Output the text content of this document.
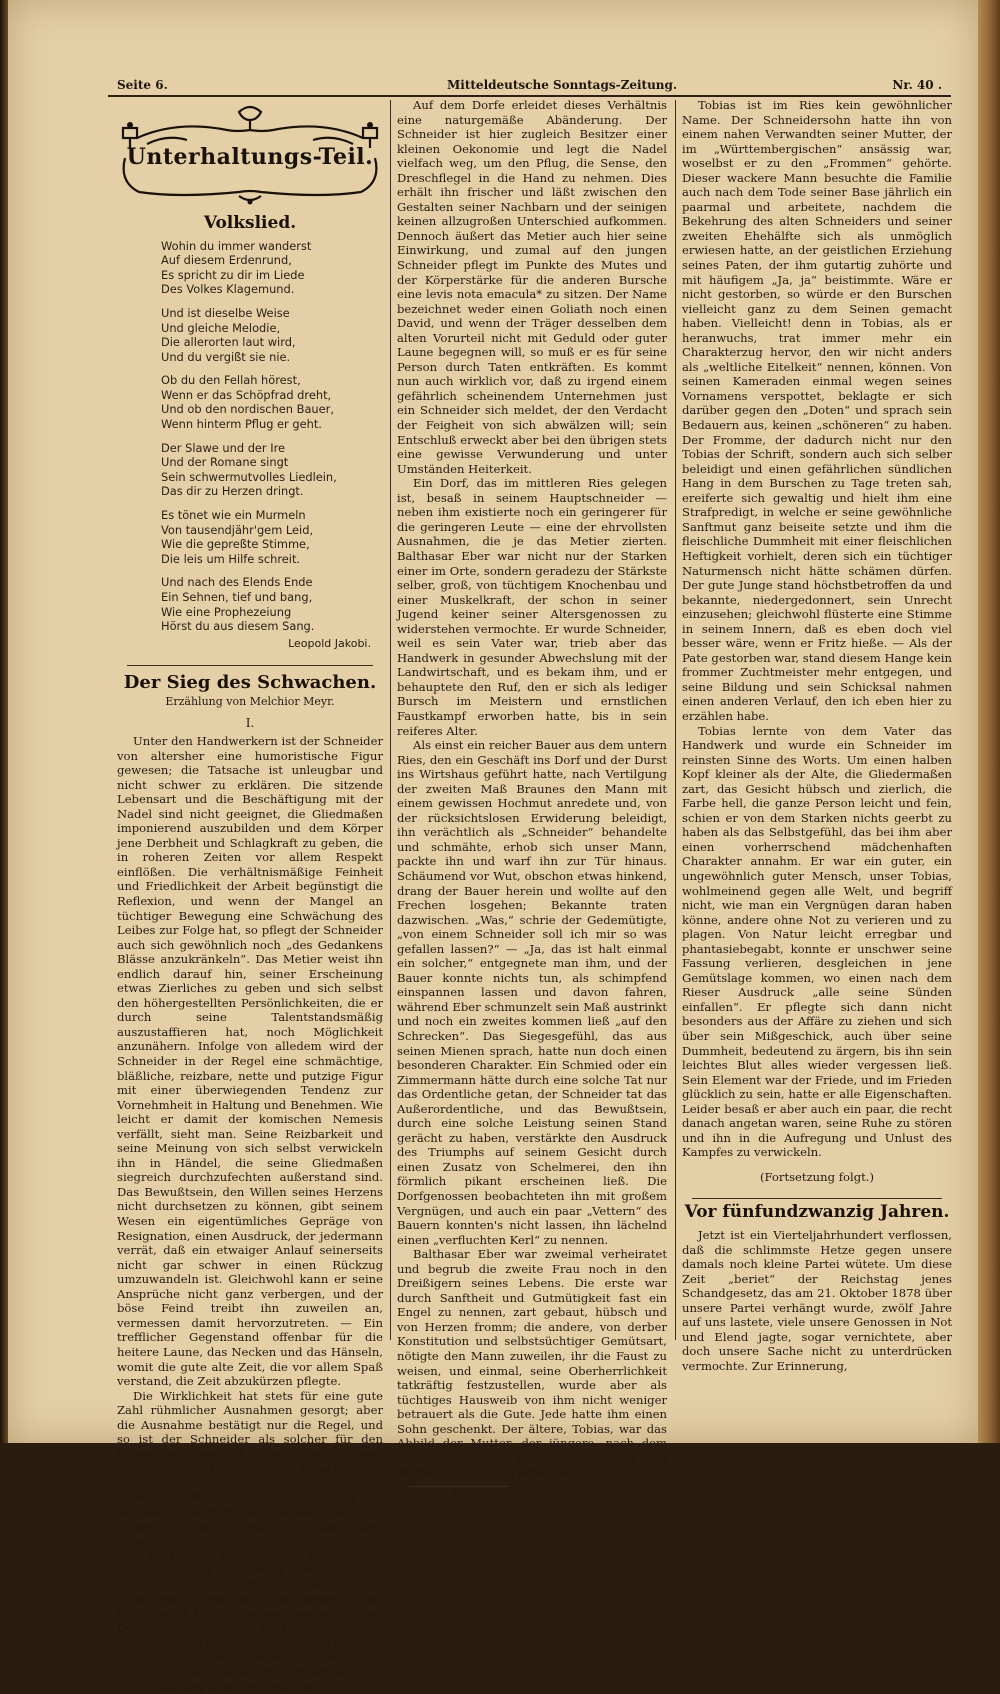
Seite 6.	Mitteldeutsche Sonntags-Zeitung.	Nr. 40 .
Unterhaltungs-Teil.
Volkslied.
Wohin du immer wanderst
Auf diesem Erdenrund,
Es spricht zu dir im Liede
Des Volkes Klagemund.
Und ist dieselbe Weise
Und gleiche Melodie,
Die allerorten laut wird,
Und du vergißt sie nie.
Ob du den Fellah hörest,
Wenn er das Schöpfrad dreht,
Und ob den nordischen Bauer,
Wenn hinterm Pflug er geht.
Der Slawe und der Ire
Und der Romane singt
Sein schwermutvolles Liedlein,
Das dir zu Herzen dringt.
Es tönet wie ein Murmeln
Von tausendjähr'gem Leid,
Wie die gepreßte Stimme,
Die leis um Hilfe schreit.
Und nach des Elends Ende
Ein Sehnen, tief und bang,
Wie eine Prophezeiung
Hörst du aus diesem Sang.
Leopold Jakobi.
Der Sieg des Schwachen.
Erzählung von Melchior Meyr.
I.

Unter den Handwerkern ist der Schneider von altersher eine humoristische Figur gewesen; die Tatsache ist unleugbar und nicht schwer zu erklären. Die sitzende Lebensart und die Beschäftigung mit der Nadel sind nicht geeignet, die Gliedmaßen imponierend auszubilden und dem Körper jene Derbheit und Schlagkraft zu geben, die in roheren Zeiten vor allem Respekt einflößen. Die verhältnismäßige Feinheit und Friedlichkeit der Arbeit begünstigt die Reflexion, und wenn der Mangel an tüchtiger Bewegung eine Schwächung des Leibes zur Folge hat, so pflegt der Schneider auch sich gewöhnlich noch „des Gedankens Blässe anzukränkeln“. Das Metier weist ihn endlich darauf hin, seiner Erscheinung etwas Zierliches zu geben und sich selbst den höhergestellten Persönlichkeiten, die er durch seine Talentstandsmäßig auszustaffieren hat, noch Möglichkeit anzunähern. Infolge von alledem wird der Schneider in der Regel eine schmächtige, bläßliche, reizbare, nette und putzige Figur mit einer überwiegenden Tendenz zur Vornehmheit in Haltung und Benehmen. Wie leicht er damit der komischen Nemesis verfällt, sieht man. Seine Reizbarkeit und seine Meinung von sich selbst verwickeln ihn in Händel, die seine Gliedmaßen siegreich durchzufechten außerstand sind. Das Bewußtsein, den Willen seines Herzens nicht durchsetzen zu können, gibt seinem Wesen ein eigentümliches Gepräge von Resignation, einen Ausdruck, der jedermann verrät, daß ein etwaiger Anlauf seinerseits nicht gar schwer in einen Rückzug umzuwandeln ist. Gleichwohl kann er seine Ansprüche nicht ganz verbergen, und der böse Feind treibt ihn zuweilen an, vermessen damit hervorzutreten. — Ein trefflicher Gegenstand offenbar für die heitere Laune, das Necken und das Hänseln, womit die gute alte Zeit, die vor allem Spaß verstand, die Zeit abzukürzen pflegte.

Die Wirklichkeit hat stets für eine gute Zahl rühmlicher Ausnahmen gesorgt; aber die Ausnahme bestätigt nur die Regel, und so ist der Schneider als solcher für den Humor im Leben und in der Kunst ein Typus geworden und hat die Sprache mit charakteristierenden Ausdrücken bereichert. Wenn in einer Erzählung ein Schneider auftritt, so denken wir uns notwendig eine Figur, die der oben gegebenen Schilderung entspricht. Hätte der Poet nun die Absicht, durch einen Vertreter dieses Handwerks gewaltige Taten tun zu lassen, so müßte er seine Fähigkeit dazu ganz besonders nachweisen. Der Hufschmied kann ohne weiteres ein halbes Dutzend Schneider in die Flucht schlagen; wenn aber ein Schneider ein halbes Dutzend Hufschmiede niederstreckte, so wäre das eine Tat, über deren Möglichkeit wir uns eine Erklärung ausbitten müßten.

Auf dem Dorfe erleidet dieses Verhältnis eine naturgemäße Abänderung. Der Schneider ist hier zugleich Besitzer einer kleinen Oekonomie und legt die Nadel vielfach weg, um den Pflug, die Sense, den Dreschflegel in die Hand zu nehmen. Dies erhält ihn frischer und läßt zwischen den Gestalten seiner Nachbarn und der seinigen keinen allzugroßen Unterschied aufkommen. Dennoch äußert das Metier auch hier seine Einwirkung, und zumal auf den jungen Schneider pflegt im Punkte des Mutes und der Körperstärke für die anderen Bursche eine levis nota emacula* zu sitzen. Der Name bezeichnet weder einen Goliath noch einen David, und wenn der Träger desselben dem alten Vorurteil nicht mit Geduld oder guter Laune begegnen will, so muß er es für seine Person durch Taten entkräften. Es kommt nun auch wirklich vor, daß zu irgend einem gefährlich scheinendem Unternehmen just ein Schneider sich meldet, der den Verdacht der Feigheit von sich abwälzen will; sein Entschluß erweckt aber bei den übrigen stets eine gewisse Verwunderung und unter Umständen Heiterkeit.

Ein Dorf, das im mittleren Ries gelegen ist, besaß in seinem Hauptschneider — neben ihm existierte noch ein geringerer für die geringeren Leute — eine der ehrvollsten Ausnahmen, die je das Metier zierten. Balthasar Eber war nicht nur der Starken einer im Orte, sondern geradezu der Stärkste selber, groß, von tüchtigem Knochenbau und einer Muskelkraft, der schon in seiner Jugend keiner seiner Altersgenossen zu widerstehen vermochte. Er wurde Schneider, weil es sein Vater war, trieb aber das Handwerk in gesunder Abwechslung mit der Landwirtschaft, und es bekam ihm, und er behauptete den Ruf, den er sich als lediger Bursch im Meistern und ernstlichen Faustkampf erworben hatte, bis in sein reiferes Alter.

Als einst ein reicher Bauer aus dem untern Ries, den ein Geschäft ins Dorf und der Durst ins Wirtshaus geführt hatte, nach Vertilgung der zweiten Maß Braunes den Mann mit einem gewissen Hochmut anredete und, von der rücksichtslosen Erwiderung beleidigt, ihn verächtlich als „Schneider“ behandelte und schmähte, erhob sich unser Mann, packte ihn und warf ihn zur Tür hinaus. Schäumend vor Wut, obschon etwas hinkend, drang der Bauer herein und wollte auf den Frechen losgehen; Bekannte traten dazwischen. „Was,“ schrie der Gedemütigte, „von einem Schneider soll ich mir so was gefallen lassen?“ — „Ja, das ist halt einmal ein solcher,“ entgegnete man ihm, und der Bauer konnte nichts tun, als schimpfend einspannen lassen und davon fahren, während Eber schmunzelt sein Maß austrinkt und noch ein zweites kommen ließ „auf den Schrecken“. Das Siegesgefühl, das aus seinen Mienen sprach, hatte nun doch einen besonderen Charakter. Ein Schmied oder ein Zimmermann hätte durch eine solche Tat nur das Ordentliche getan, der Schneider tat das Außerordentliche, und das Bewußtsein, durch eine solche Leistung seinen Stand gerächt zu haben, verstärkte den Ausdruck des Triumphs auf seinem Gesicht durch einen Zusatz von Schelmerei, den ihn förmlich pikant erscheinen ließ. Die Dorfgenossen beobachteten ihn mit großem Vergnügen, und auch ein paar „Vettern“ des Bauern konnten's nicht lassen, ihn lächelnd einen „verfluchten Kerl“ zu nennen.

Balthasar Eber war zweimal verheiratet und begrub die zweite Frau noch in den Dreißigern seines Lebens. Die erste war durch Sanftheit und Gutmütigkeit fast ein Engel zu nennen, zart gebaut, hübsch und von Herzen fromm; die andere, von derber Konstitution und selbstsüchtiger Gemütsart, nötigte den Mann zuweilen, ihr die Faust zu weisen, und einmal, seine Oberherrlichkeit tatkräftig festzustellen, wurde aber als tüchtiges Hausweib von ihm nicht weniger betrauert als die Gute. Jede hatte ihm einen Sohn geschenkt. Der ältere, Tobias, war das Abbild der Mutter, der jüngere, nach dem Großvater Kaspar genannt, ließ Vater und Mutter gleichmäßig erkennen.

* Moralische Anrüchigkeit.

Tobias ist im Ries kein gewöhnlicher Name. Der Schneidersohn hatte ihn von einem nahen Verwandten seiner Mutter, der im „Württembergischen“ ansässig war, woselbst er zu den „Frommen“ gehörte. Dieser wackere Mann besuchte die Familie auch nach dem Tode seiner Base jährlich ein paarmal und arbeitete, nachdem die Bekehrung des alten Schneiders und seiner zweiten Ehehälfte sich als unmöglich erwiesen hatte, an der geistlichen Erziehung seines Paten, der ihm gutartig zuhörte und mit häufigem „Ja, ja“ beistimmte. Wäre er nicht gestorben, so würde er den Burschen vielleicht ganz zu dem Seinen gemacht haben. Vielleicht! denn in Tobias, als er heranwuchs, trat immer mehr ein Charakterzug hervor, den wir nicht anders als „weltliche Eitelkeit“ nennen, können. Von seinen Kameraden einmal wegen seines Vornamens verspottet, beklagte er sich darüber gegen den „Doten“ und sprach sein Bedauern aus, keinen „schöneren“ zu haben. Der Fromme, der dadurch nicht nur den Tobias der Schrift, sondern auch sich selber beleidigt und einen gefährlichen sündlichen Hang in dem Burschen zu Tage treten sah, ereiferte sich gewaltig und hielt ihm eine Strafpredigt, in welche er seine gewöhnliche Sanftmut ganz beiseite setzte und ihm die fleischliche Dummheit mit einer fleischlichen Heftigkeit vorhielt, deren sich ein tüchtiger Naturmensch nicht hätte schämen dürfen. Der gute Junge stand höchstbetroffen da und bekannte, niedergedonnert, sein Unrecht einzusehen; gleichwohl flüsterte eine Stimme in seinem Innern, daß es eben doch viel besser wäre, wenn er Fritz hieße. — Als der Pate gestorben war, stand diesem Hange kein frommer Zuchtmeister mehr entgegen, und seine Bildung und sein Schicksal nahmen einen anderen Verlauf, den ich eben hier zu erzählen habe.

Tobias lernte von dem Vater das Handwerk und wurde ein Schneider im reinsten Sinne des Worts. Um einen halben Kopf kleiner als der Alte, die Gliedermaßen zart, das Gesicht hübsch und zierlich, die Farbe hell, die ganze Person leicht und fein, schien er von dem Starken nichts geerbt zu haben als das Selbstgefühl, das bei ihm aber einen vorherrschend mädchenhaften Charakter annahm. Er war ein guter, ein ungewöhnlich guter Mensch, unser Tobias, wohlmeinend gegen alle Welt, und begriff nicht, wie man ein Vergnügen daran haben könne, andere ohne Not zu verieren und zu plagen. Von Natur leicht erregbar und phantasiebegabt, konnte er unschwer seine Fassung verlieren, desgleichen in jene Gemütslage kommen, wo einen nach dem Rieser Ausdruck „alle seine Sünden einfallen“. Er pflegte sich dann nicht besonders aus der Affäre zu ziehen und sich über sein Mißgeschick, auch über seine Dummheit, bedeutend zu ärgern, bis ihn sein leichtes Blut alles wieder vergessen ließ. Sein Element war der Friede, und im Frieden glücklich zu sein, hatte er alle Eigenschaften. Leider besaß er aber auch ein paar, die recht danach angetan waren, seine Ruhe zu stören und ihn in die Aufregung und Unlust des Kampfes zu verwickeln.

(Fortsetzung folgt.)
Vor fünfundzwanzig Jahren.

Jetzt ist ein Vierteljahrhundert verflossen, daß die schlimmste Hetze gegen unsere damals noch kleine Partei wütete. Um diese Zeit „beriet“ der Reichstag jenes Schandgesetz, das am 21. Oktober 1878 über unsere Partei verhängt wurde, zwölf Jahre auf uns lastete, viele unsere Genossen in Not und Elend jagte, sogar vernichtete, aber doch unsere Sache nicht zu unterdrücken vermochte. Zur Erinnerung,
